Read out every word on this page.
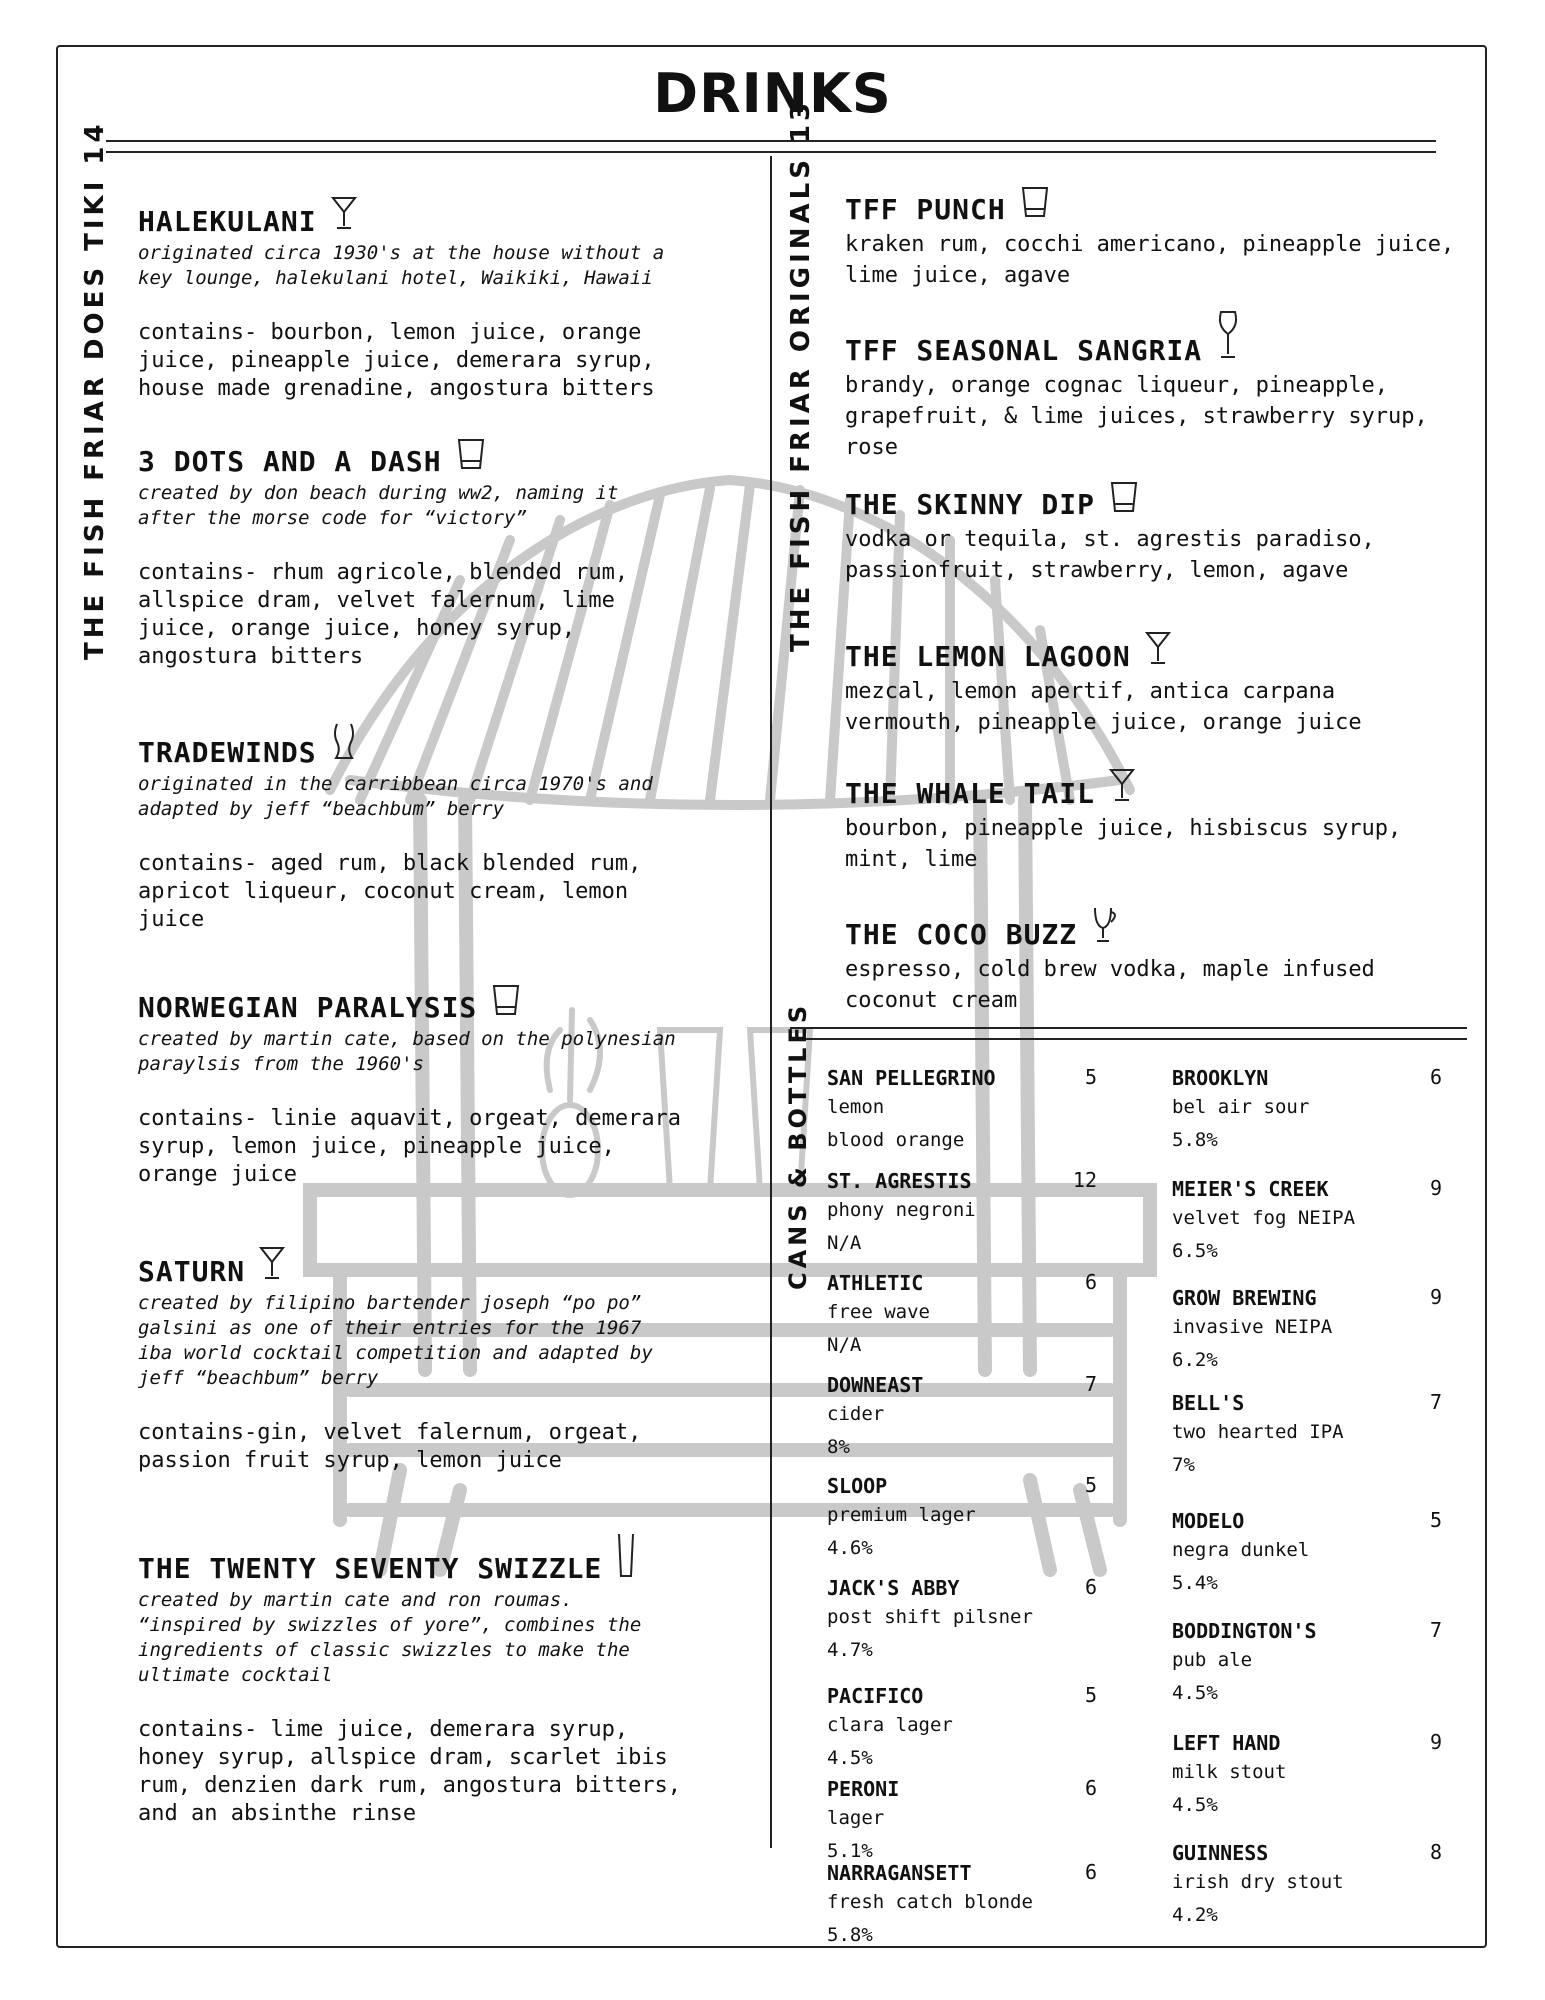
DRINKS
THE FISH FRIAR DOES TIKI 14	THE FISH FRIAR ORIGINALS 13
CANS & BOTTLES
HALEKULANI
originated circa 1930's at the house without a
key lounge, halekulani hotel, Waikiki, Hawaii
contains- bourbon, lemon juice, orange
juice, pineapple juice, demerara syrup,
house made grenadine, angostura bitters
3 DOTS AND A DASH
created by don beach during ww2, naming it
after the morse code for “victory”
contains- rhum agricole, blended rum,
allspice dram, velvet falernum, lime
juice, orange juice, honey syrup,
angostura bitters
TRADEWINDS
originated in the carribbean circa 1970's and
adapted by jeff “beachbum” berry
contains- aged rum, black blended rum,
apricot liqueur, coconut cream, lemon
juice
NORWEGIAN PARALYSIS
created by martin cate, based on the polynesian
paraylsis from the 1960's
contains- linie aquavit, orgeat, demerara
syrup, lemon juice, pineapple juice,
orange juice
SATURN
created by filipino bartender joseph “po po”
galsini as one of their entries for the 1967
iba world cocktail competition and adapted by
jeff “beachbum” berry
contains-gin, velvet falernum, orgeat,
passion fruit syrup, lemon juice
THE TWENTY SEVENTY SWIZZLE
created by martin cate and ron roumas.
“inspired by swizzles of yore”, combines the
ingredients of classic swizzles to make the
ultimate cocktail
contains- lime juice, demerara syrup,
honey syrup, allspice dram, scarlet ibis
rum, denzien dark rum, angostura bitters,
and an absinthe rinse
TFF PUNCH
kraken rum, cocchi americano, pineapple juice,
lime juice, agave
TFF SEASONAL SANGRIA
brandy, orange cognac liqueur, pineapple,
grapefruit, & lime juices, strawberry syrup,
rose
THE SKINNY DIP
vodka or tequila, st. agrestis paradiso,
passionfruit, strawberry, lemon, agave
THE LEMON LAGOON
mezcal, lemon apertif, antica carpana
vermouth, pineapple juice, orange juice
THE WHALE TAIL
bourbon, pineapple juice, hisbiscus syrup,
mint, lime
THE COCO BUZZ
espresso, cold brew vodka, maple infused
coconut cream
SAN PELLEGRINO	5
lemon
blood orange
ST. AGRESTIS	12
phony negroni
N/A
ATHLETIC	6
free wave
N/A
DOWNEAST	7
cider
8%
SLOOP	5
premium lager
4.6%
JACK'S ABBY	6
post shift pilsner
4.7%
PACIFICO	5
clara lager
4.5%
PERONI	6
lager
5.1%
NARRAGANSETT	6
fresh catch blonde
5.8%
BROOKLYN	6
bel air sour
5.8%
MEIER'S CREEK	9
velvet fog NEIPA
6.5%
GROW BREWING	9
invasive NEIPA
6.2%
BELL'S	7
two hearted IPA
7%
MODELO	5
negra dunkel
5.4%
BODDINGTON'S	7
pub ale
4.5%
LEFT HAND	9
milk stout
4.5%
GUINNESS	8
irish dry stout
4.2%
